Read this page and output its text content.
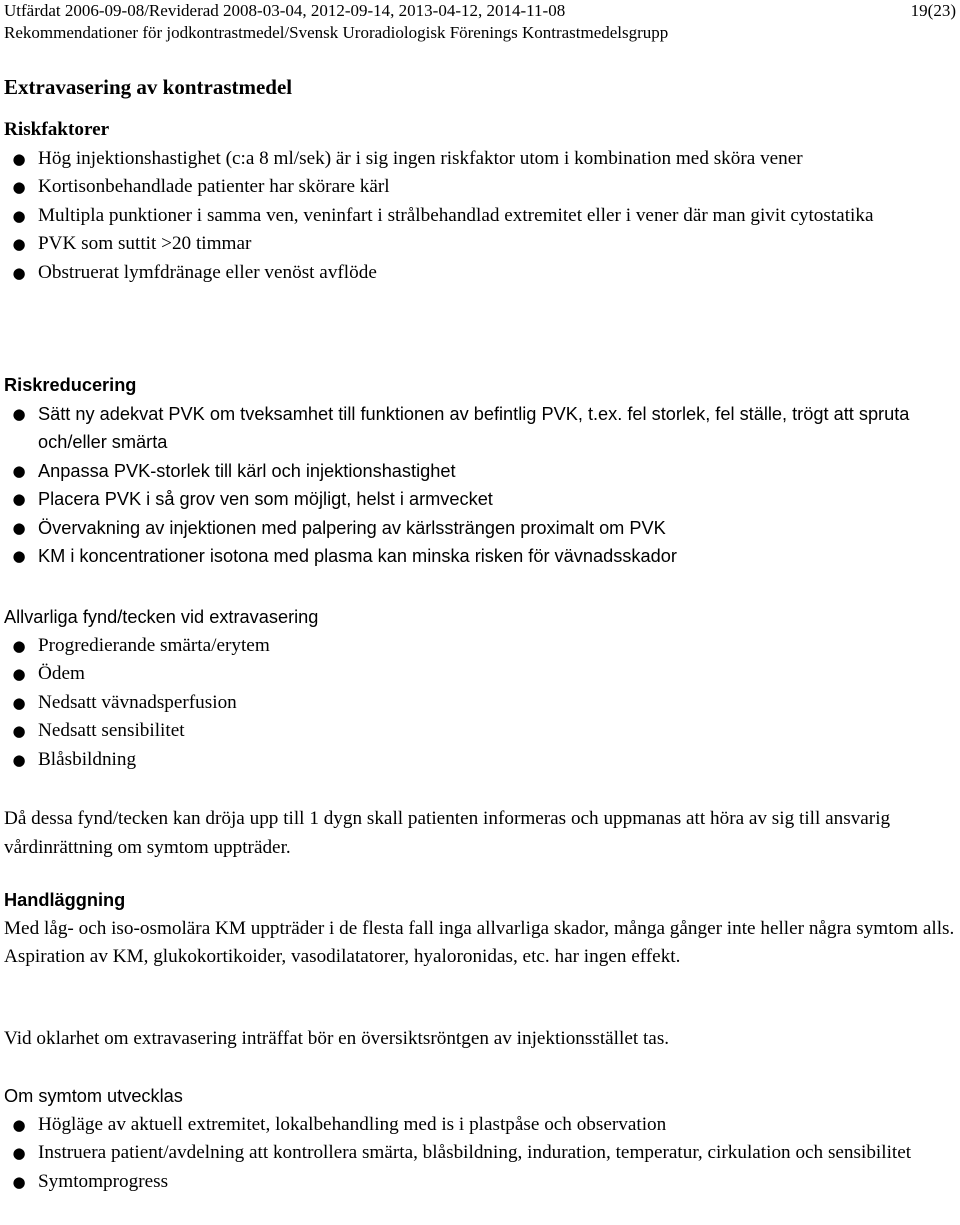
Utfärdat 2006-09-08/Reviderad 2008-03-04, 2012-09-14, 2013-04-12, 2014-11-08	19(23)
Rekommendationer för jodkontrastmedel/Svensk Uroradiologisk Förenings Kontrastmedelsgrupp
Extravasering av kontrastmedel
Riskfaktorer
● Hög injektionshastighet (c:a 8 ml/sek) är i sig ingen riskfaktor utom i kombination med sköra vener
● Kortisonbehandlade patienter har skörare kärl
● Multipla punktioner i samma ven, veninfart i strålbehandlad extremitet eller i vener där man givit cytostatika
● PVK som suttit >20 timmar
● Obstruerat lymfdränage eller venöst avflöde
Riskreducering
● Sätt ny adekvat PVK om tveksamhet till funktionen av befintlig PVK, t.ex. fel storlek, fel ställe, trögt att spruta och/eller smärta
● Anpassa PVK-storlek till kärl och injektionshastighet
● Placera PVK i så grov ven som möjligt, helst i armvecket
● Övervakning av injektionen med palpering av kärlssträngen proximalt om PVK
● KM i koncentrationer isotona med plasma kan minska risken för vävnadsskador
Allvarliga fynd/tecken vid extravasering
● Progredierande smärta/erytem
● Ödem
● Nedsatt vävnadsperfusion
● Nedsatt sensibilitet
● Blåsbildning

Då dessa fynd/tecken kan dröja upp till 1 dygn skall patienten informeras och uppmanas att höra av sig till ansvarig vårdinrättning om symtom uppträder.

Handläggning

Med låg- och iso-osmolära KM uppträder i de flesta fall inga allvarliga skador, många gånger inte heller några symtom alls. Aspiration av KM, glukokortikoider, vasodilatatorer, hyaloronidas, etc. har ingen effekt.

Vid oklarhet om extravasering inträffat bör en översiktsröntgen av injektionsstället tas.

Om symtom utvecklas
● Högläge av aktuell extremitet, lokalbehandling med is i plastpåse och observation
● Instruera patient/avdelning att kontrollera smärta, blåsbildning, induration, temperatur, cirkulation och sensibilitet
● Symtomprogress
